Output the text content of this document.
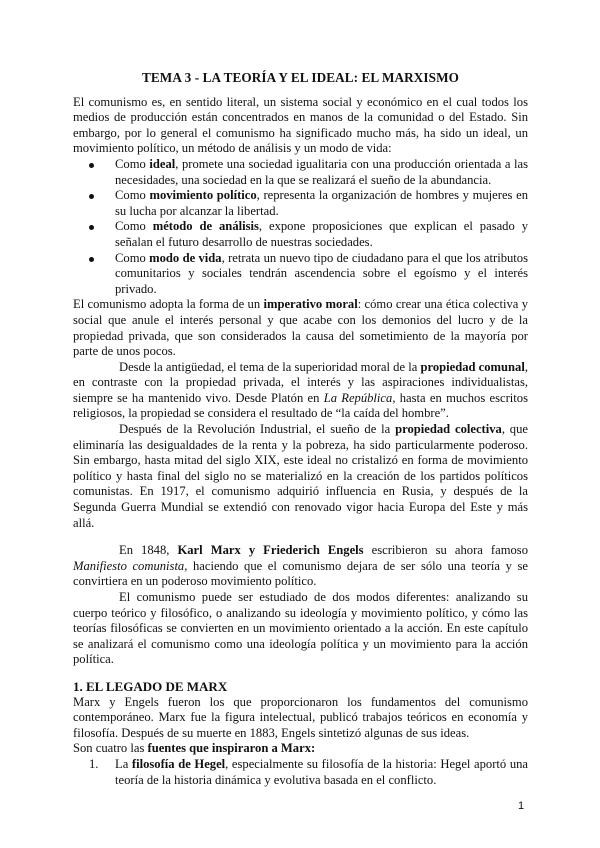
TEMA 3 - LA TEORÍA Y EL IDEAL: EL MARXISMO

El comunismo es, en sentido literal, un sistema social y económico en el cual todos los medios de producción están concentrados en manos de la comunidad o del Estado. Sin embargo, por lo general el comunismo ha significado mucho más, ha sido un ideal, un movimiento político, un método de análisis y un modo de vida:

Como ideal, promete una sociedad igualitaria con una producción orientada a las necesidades, una sociedad en la que se realizará el sueño de la abundancia.
Como movimiento político, representa la organización de hombres y mujeres en su lucha por alcanzar la libertad.
Como método de análisis, expone proposiciones que explican el pasado y señalan el futuro desarrollo de nuestras sociedades.
Como modo de vida, retrata un nuevo tipo de ciudadano para el que los atributos comunitarios y sociales tendrán ascendencia sobre el egoísmo y el interés privado.

El comunismo adopta la forma de un imperativo moral: cómo crear una ética colectiva y social que anule el interés personal y que acabe con los demonios del lucro y de la propiedad privada, que son considerados la causa del sometimiento de la mayoría por parte de unos pocos.

Desde la antigüedad, el tema de la superioridad moral de la propiedad comunal, en contraste con la propiedad privada, el interés y las aspiraciones individualistas, siempre se ha mantenido vivo. Desde Platón en La República, hasta en muchos escritos religiosos, la propiedad se considera el resultado de “la caída del hombre”.

Después de la Revolución Industrial, el sueño de la propiedad colectiva, que eliminaría las desigualdades de la renta y la pobreza, ha sido particularmente poderoso. Sin embargo, hasta mitad del siglo XIX, este ideal no cristalizó en forma de movimiento político y hasta final del siglo no se materializó en la creación de los partidos políticos comunistas. En 1917, el comunismo adquirió influencia en Rusia, y después de la Segunda Guerra Mundial se extendió con renovado vigor hacia Europa del Este y más allá.

En 1848, Karl Marx y Friederich Engels escribieron su ahora famoso Manifiesto comunista, haciendo que el comunismo dejara de ser sólo una teoría y se convirtiera en un poderoso movimiento político.

El comunismo puede ser estudiado de dos modos diferentes: analizando su cuerpo teórico y filosófico, o analizando su ideología y movimiento político, y cómo las teorías filosóficas se convierten en un movimiento orientado a la acción. En este capítulo se analizará el comunismo como una ideología política y un movimiento para la acción política.

1. EL LEGADO DE MARX

Marx y Engels fueron los que proporcionaron los fundamentos del comunismo contemporáneo. Marx fue la figura intelectual, publicó trabajos teóricos en economía y filosofía. Después de su muerte en 1883, Engels sintetizó algunas de sus ideas.

Son cuatro las fuentes que inspiraron a Marx:

1. La filosofía de Hegel, especialmente su filosofía de la historia: Hegel aportó una teoría de la historia dinámica y evolutiva basada en el conflicto.
1
